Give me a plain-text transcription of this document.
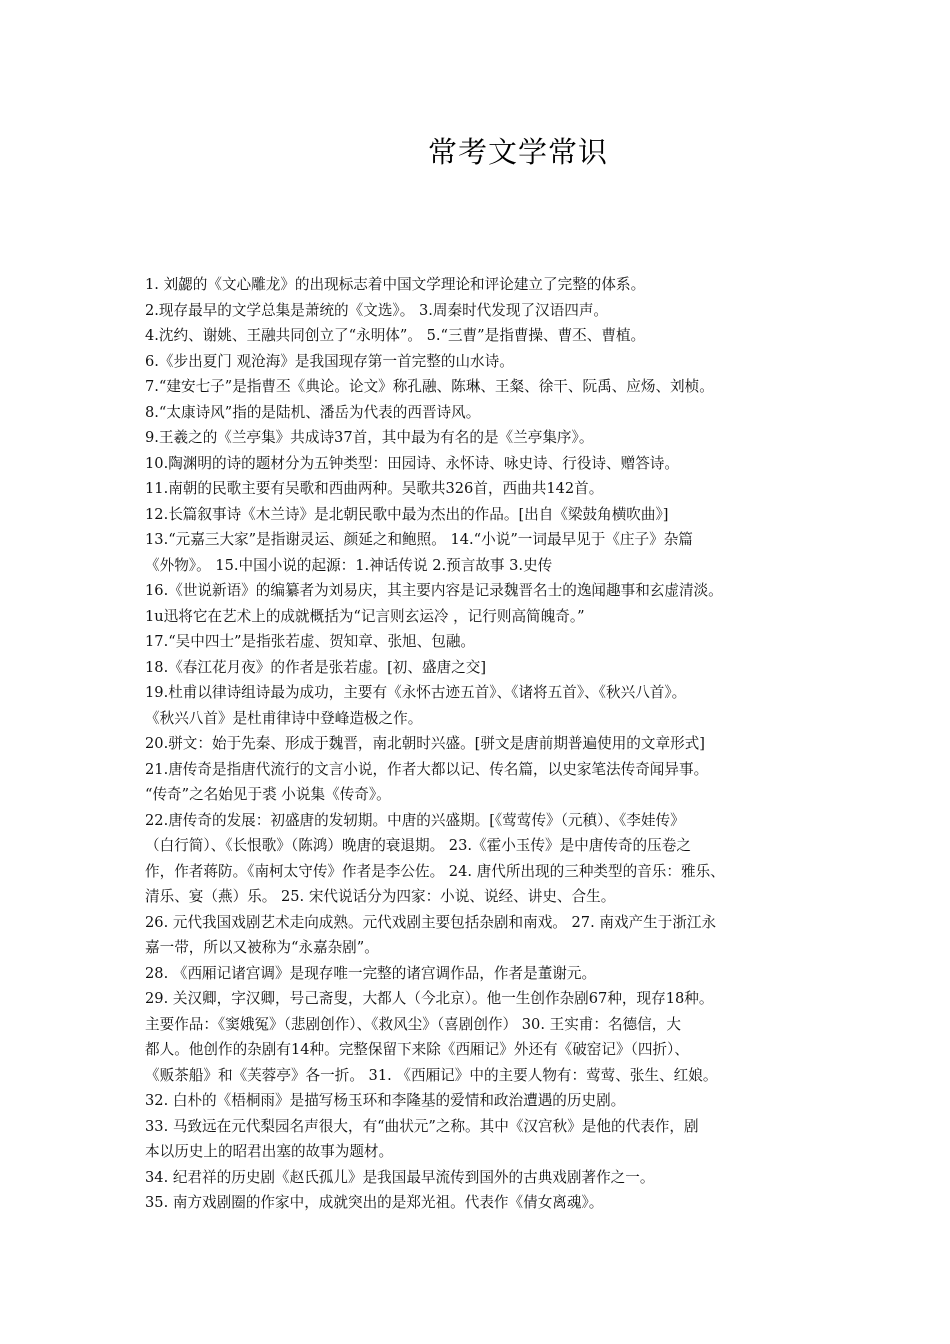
常考文学常识
1. 刘勰的《文心雕龙》的出现标志着中国文学理论和评论建立了完整的体系。
2.现存最早的文学总集是萧统的《文选》。 3.周秦时代发现了汉语四声。
4.沈约、谢姚、王融共同创立了“永明体”。 5.“三曹”是指曹操、曹丕、曹植。
6.《步出夏门 观沧海》是我国现存第一首完整的山水诗。
7.“建安七子”是指曹丕《典论。论文》称孔融、陈琳、王粲、徐干、阮禹、应炀、刘桢。
8.“太康诗风”指的是陆机、潘岳为代表的西晋诗风。
9.王羲之的《兰亭集》共成诗37首，其中最为有名的是《兰亭集序》。
10.陶渊明的诗的题材分为五钟类型：田园诗、永怀诗、咏史诗、行役诗、赠答诗。
11.南朝的民歌主要有吴歌和西曲两种。吴歌共326首，西曲共142首。
12.长篇叙事诗《木兰诗》是北朝民歌中最为杰出的作品。[出自《梁鼓角横吹曲》]
13.“元嘉三大家”是指谢灵运、颜延之和鲍照。 14.“小说”一词最早见于《庄子》杂篇
《外物》。 15.中国小说的起源：1.神话传说 2.预言故事 3.史传
16.《世说新语》的编纂者为刘易庆，其主要内容是记录魏晋名士的逸闻趣事和玄虚清淡。
1u迅将它在艺术上的成就概括为“记言则玄运冷 ，记行则高简魄奇。”
17.“吴中四士”是指张若虚、贺知章、张旭、包融。
18.《春江花月夜》的作者是张若虚。[初、盛唐之交]
19.杜甫以律诗组诗最为成功，主要有《永怀古迹五首》、《诸将五首》、《秋兴八首》。
《秋兴八首》是杜甫律诗中登峰造极之作。
20.骈文：始于先秦、形成于魏晋，南北朝时兴盛。[骈文是唐前期普遍使用的文章形式]
21.唐传奇是指唐代流行的文言小说，作者大都以记、传名篇，以史家笔法传奇闻异事。
“传奇”之名始见于裘 小说集《传奇》。
22.唐传奇的发展：初盛唐的发轫期。中唐的兴盛期。[《莺莺传》（元稹）、《李娃传》
（白行简）、《长恨歌》（陈鸿）晚唐的衰退期。 23.《霍小玉传》是中唐传奇的压卷之
作，作者蒋防。《南柯太守传》作者是李公佐。 24. 唐代所出现的三种类型的音乐：雅乐、
清乐、宴（燕）乐。 25. 宋代说话分为四家：小说、说经、讲史、合生。
26. 元代我国戏剧艺术走向成熟。元代戏剧主要包括杂剧和南戏。 27. 南戏产生于浙江永
嘉一带，所以又被称为“永嘉杂剧”。
28. 《西厢记诸宫调》是现存唯一完整的诸宫调作品，作者是董谢元。
29. 关汉卿，字汉卿，号己斋叟，大都人（今北京）。他一生创作杂剧67种，现存18种。
主要作品：《窦娥冤》（悲剧创作）、《救风尘》（喜剧创作） 30. 王实甫：名德信，大
都人。他创作的杂剧有14种。完整保留下来除《西厢记》外还有《破窑记》（四折）、
《贩茶船》和《芙蓉亭》各一折。 31. 《西厢记》中的主要人物有：莺莺、张生、红娘。
32. 白朴的《梧桐雨》是描写杨玉环和李隆基的爱情和政治遭遇的历史剧。
33. 马致远在元代梨园名声很大，有“曲状元”之称。其中《汉宫秋》是他的代表作，剧
本以历史上的昭君出塞的故事为题材。
34. 纪君祥的历史剧《赵氏孤儿》是我国最早流传到国外的古典戏剧著作之一。
35. 南方戏剧圈的作家中，成就突出的是郑光祖。代表作《倩女离魂》。
